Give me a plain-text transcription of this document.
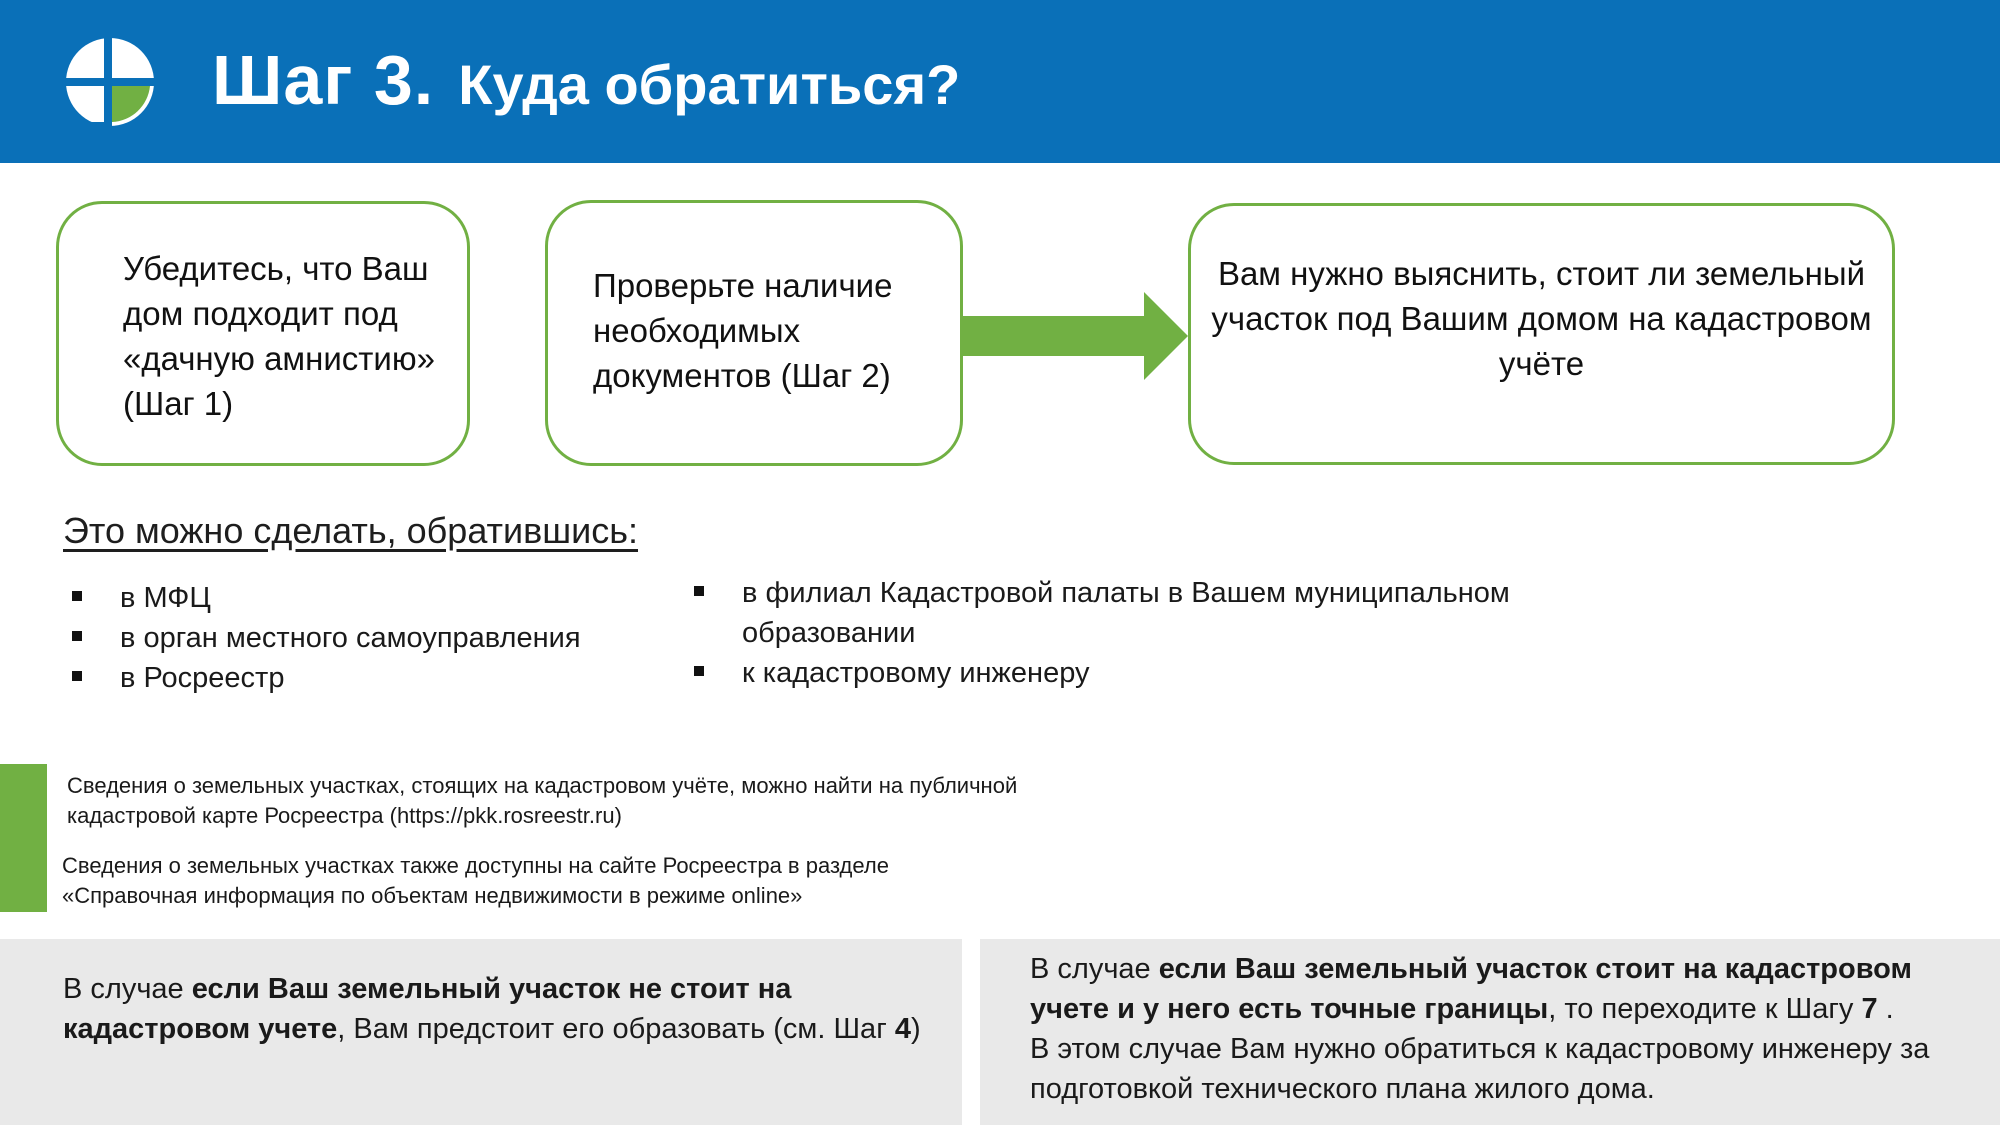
Шаг 3. Куда обратиться?
Убедитесь, что Ваш дом подходит под «дачную амнистию» (Шаг 1)
Проверьте наличие необходимых документов (Шаг 2)
Вам нужно выяснить, стоит ли земельный участок под Вашим домом на кадастровом учёте
Это можно сделать, обратившись:
в МФЦ
в орган местного самоуправления
в Росреестр
в филиал Кадастровой палаты в Вашем муниципальном образовании
к кадастровому инженеру
Сведения о земельных участках, стоящих на кадастровом учёте, можно найти на публичной
кадастровой карте Росреестра (https://pkk.rosreestr.ru)
Сведения о земельных участках также доступны на сайте Росреестра в разделе
«Справочная информация по объектам недвижимости в режиме online»
В случае если Ваш земельный участок не стоит на кадастровом учете, Вам предстоит его образовать (см. Шаг 4)
В случае если Ваш земельный участок стоит на кадастровом учете и у него есть точные границы, то переходите к Шагу 7 .
В этом случае Вам нужно обратиться к кадастровому инженеру за подготовкой технического плана жилого дома.
